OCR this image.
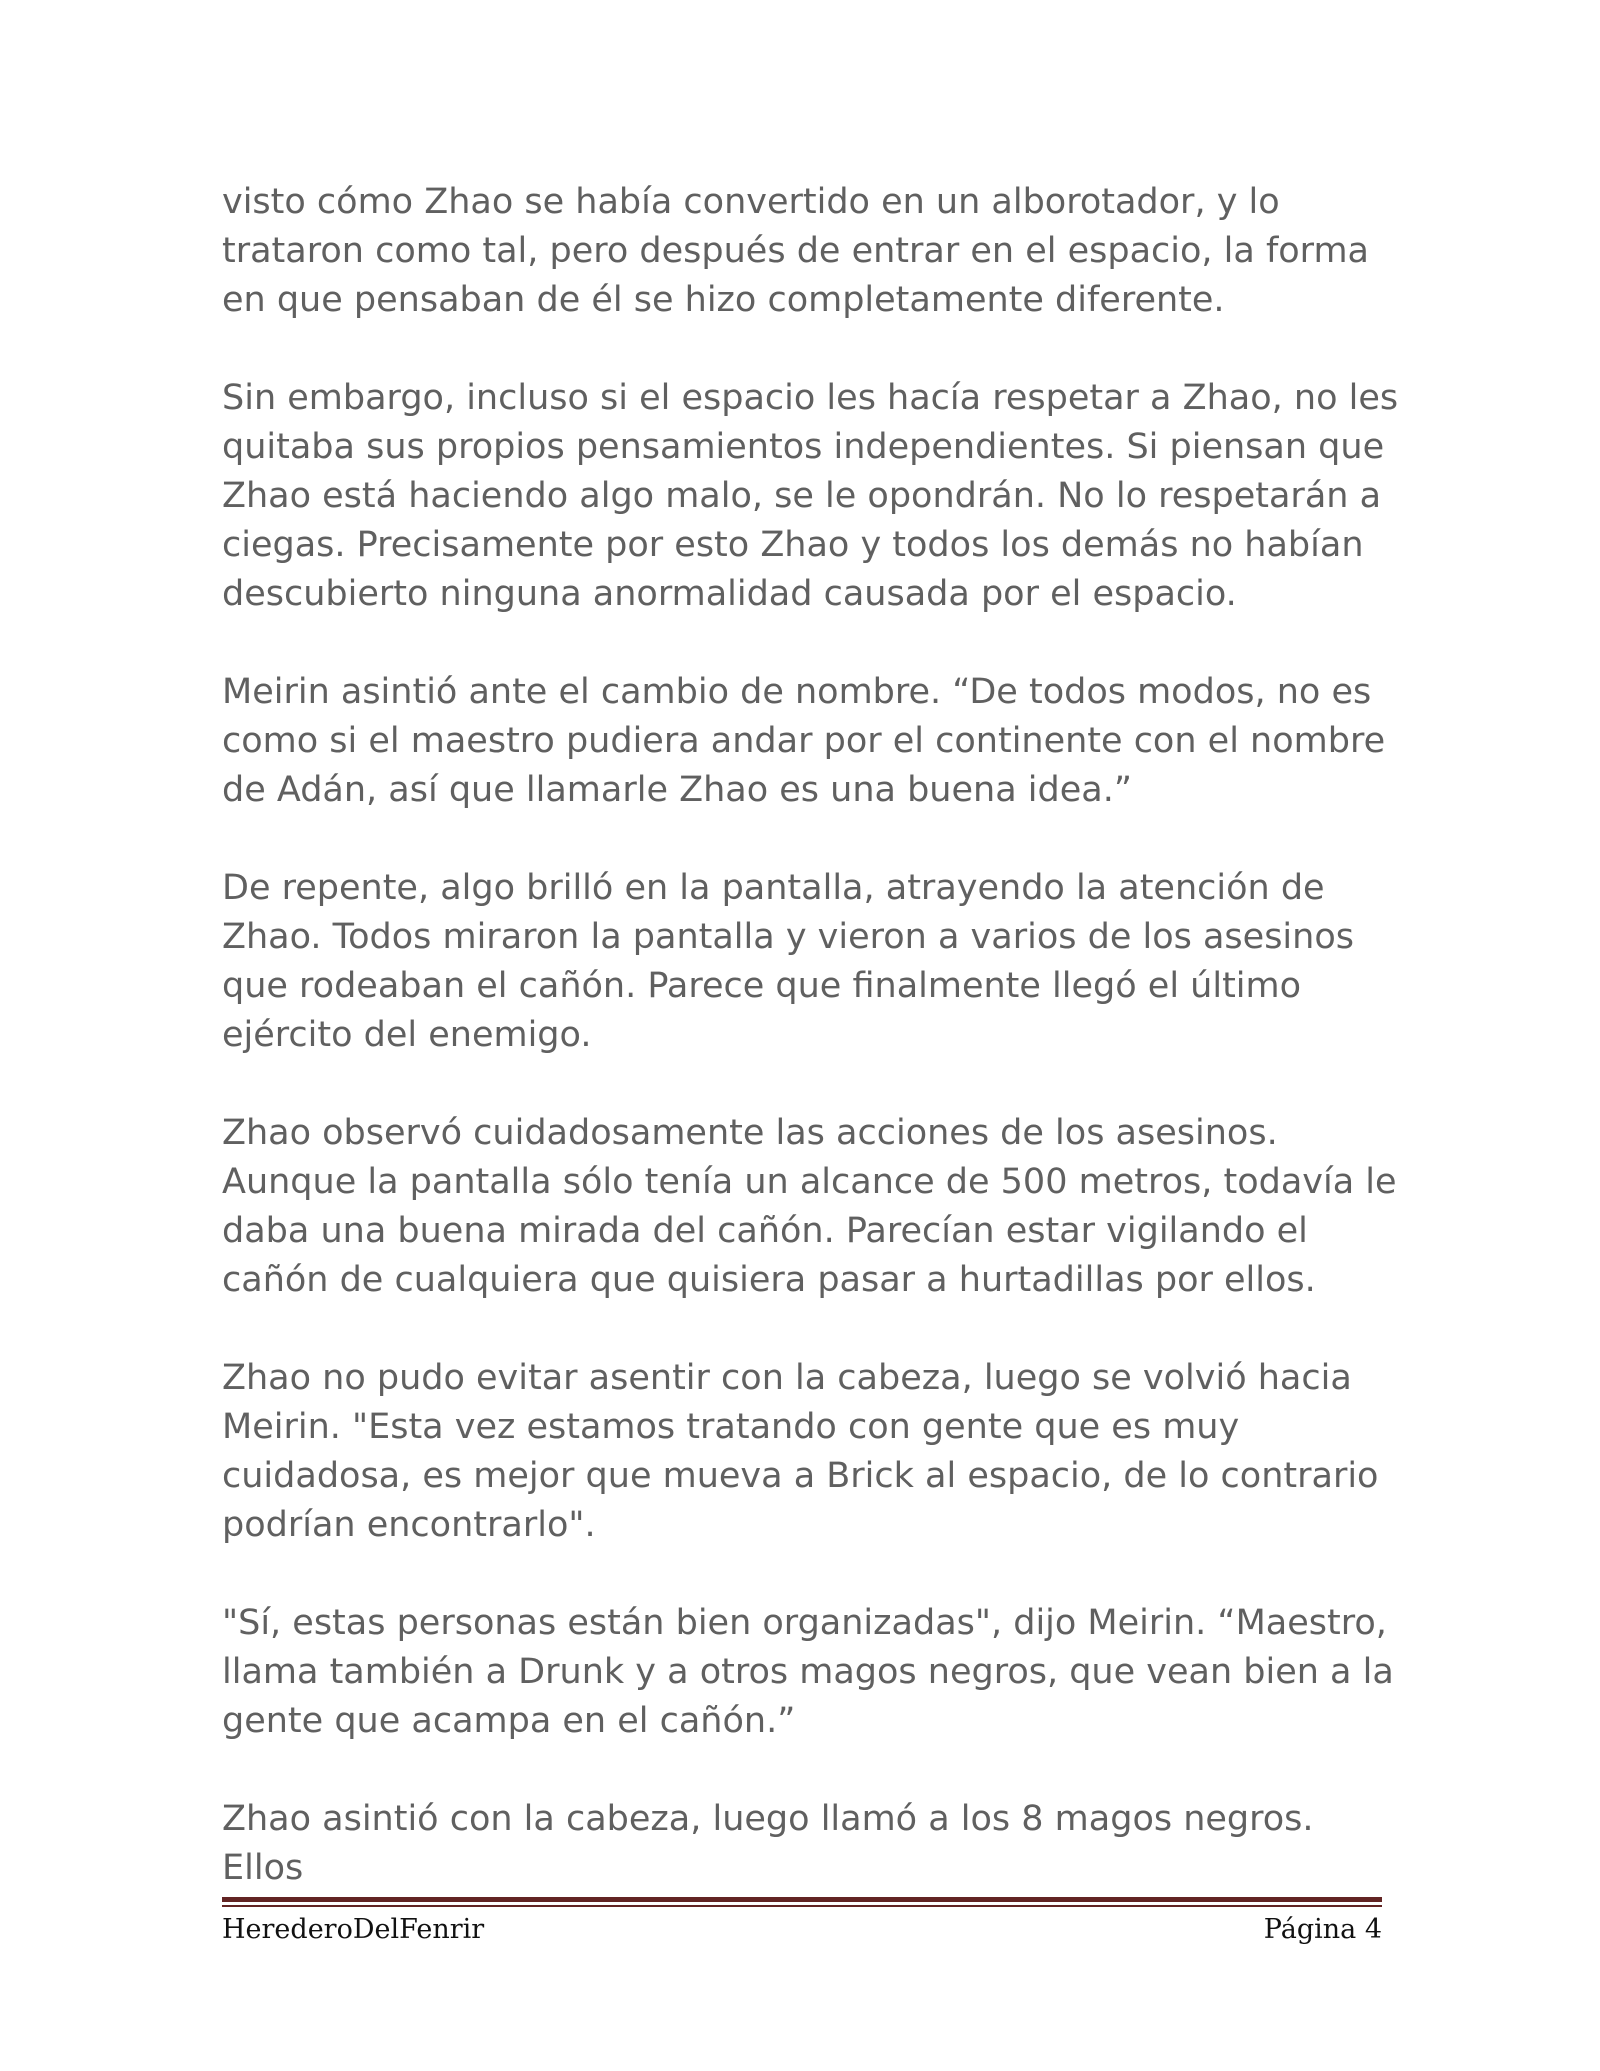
visto cómo Zhao se había convertido en un alborotador, y lo trataron como tal, pero después de entrar en el espacio, la forma en que pensaban de él se hizo completamente diferente.

Sin embargo, incluso si el espacio les hacía respetar a Zhao, no les quitaba sus propios pensamientos independientes. Si piensan que Zhao está haciendo algo malo, se le opondrán. No lo respetarán a ciegas. Precisamente por esto Zhao y todos los demás no habían descubierto ninguna anormalidad causada por el espacio.

Meirin asintió ante el cambio de nombre. “De todos modos, no es como si el maestro pudiera andar por el continente con el nombre de Adán, así que llamarle Zhao es una buena idea.”

De repente, algo brilló en la pantalla, atrayendo la atención de Zhao. Todos miraron la pantalla y vieron a varios de los asesinos que rodeaban el cañón. Parece que finalmente llegó el último ejército del enemigo.

Zhao observó cuidadosamente las acciones de los asesinos. Aunque la pantalla sólo tenía un alcance de 500 metros, todavía le daba una buena mirada del cañón. Parecían estar vigilando el cañón de cualquiera que quisiera pasar a hurtadillas por ellos.

Zhao no pudo evitar asentir con la cabeza, luego se volvió hacia Meirin. "Esta vez estamos tratando con gente que es muy cuidadosa, es mejor que mueva a Brick al espacio, de lo contrario podrían encontrarlo".

"Sí, estas personas están bien organizadas", dijo Meirin. “Maestro, llama también a Drunk y a otros magos negros, que vean bien a la gente que acampa en el cañón.”

Zhao asintió con la cabeza, luego llamó a los 8 magos negros. Ellos

HerederoDelFenrir	Página 4
